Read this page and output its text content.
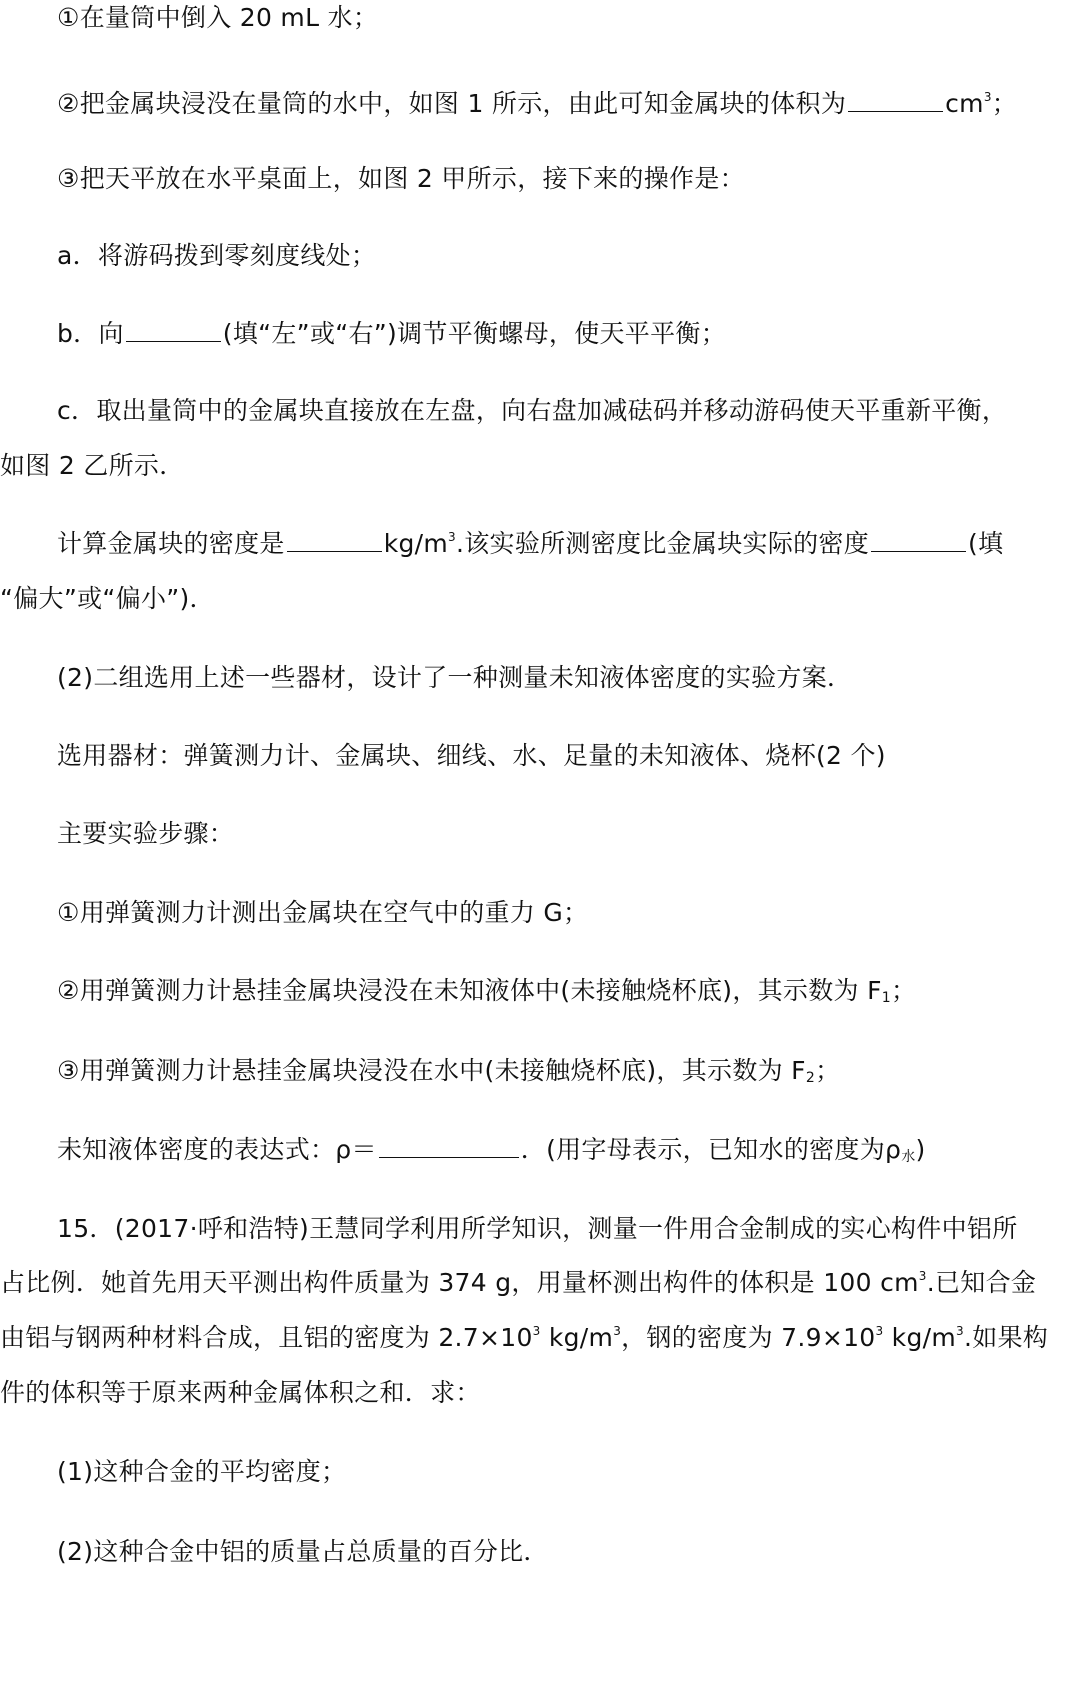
①在量筒中倒入 20 mL 水；
②把金属块浸没在量筒的水中，如图 1 所示，由此可知金属块的体积为	$cm^3$；
③把天平放在水平桌面上，如图 2 甲所示，接下来的操作是：
a．将游码拨到零刻度线处；
b．向	(填“左”或“右”)调节平衡螺母，使天平平衡；
c．取出量筒中的金属块直接放在左盘，向右盘加减砝码并移动游码使天平重新平衡，
如图 2 乙所示．
计算金属块的密度是	$kg/m^3$.该实验所测密度比金属块实际的密度	(填
“偏大”或“偏小”)．
(2)二组选用上述一些器材，设计了一种测量未知液体密度的实验方案．
选用器材：弹簧测力计、金属块、细线、水、足量的未知液体、烧杯(2 个)
主要实验步骤：
①用弹簧测力计测出金属块在空气中的重力 G；
②用弹簧测力计悬挂金属块浸没在未知液体中(未接触烧杯底)，其示数为 $F_1$；
③用弹簧测力计悬挂金属块浸没在水中(未接触烧杯底)，其示数为 $F_2$；
未知液体密度的表达式：ρ＝	．(用字母表示，已知水的密度为$\rho_水$)
15．(2017·呼和浩特)王慧同学利用所学知识，测量一件用合金制成的实心构件中铝所
占比例．她首先用天平测出构件质量为 374 g，用量杯测出构件的体积是 100 $cm^3$.已知合金
由铝与钢两种材料合成，且铝的密度为 $2.7\times 10^3$ $kg/m^3$，钢的密度为 $7.9\times 10^3$ $kg/m^3$.如果构
件的体积等于原来两种金属体积之和．求：
(1)这种合金的平均密度；
(2)这种合金中铝的质量占总质量的百分比．
